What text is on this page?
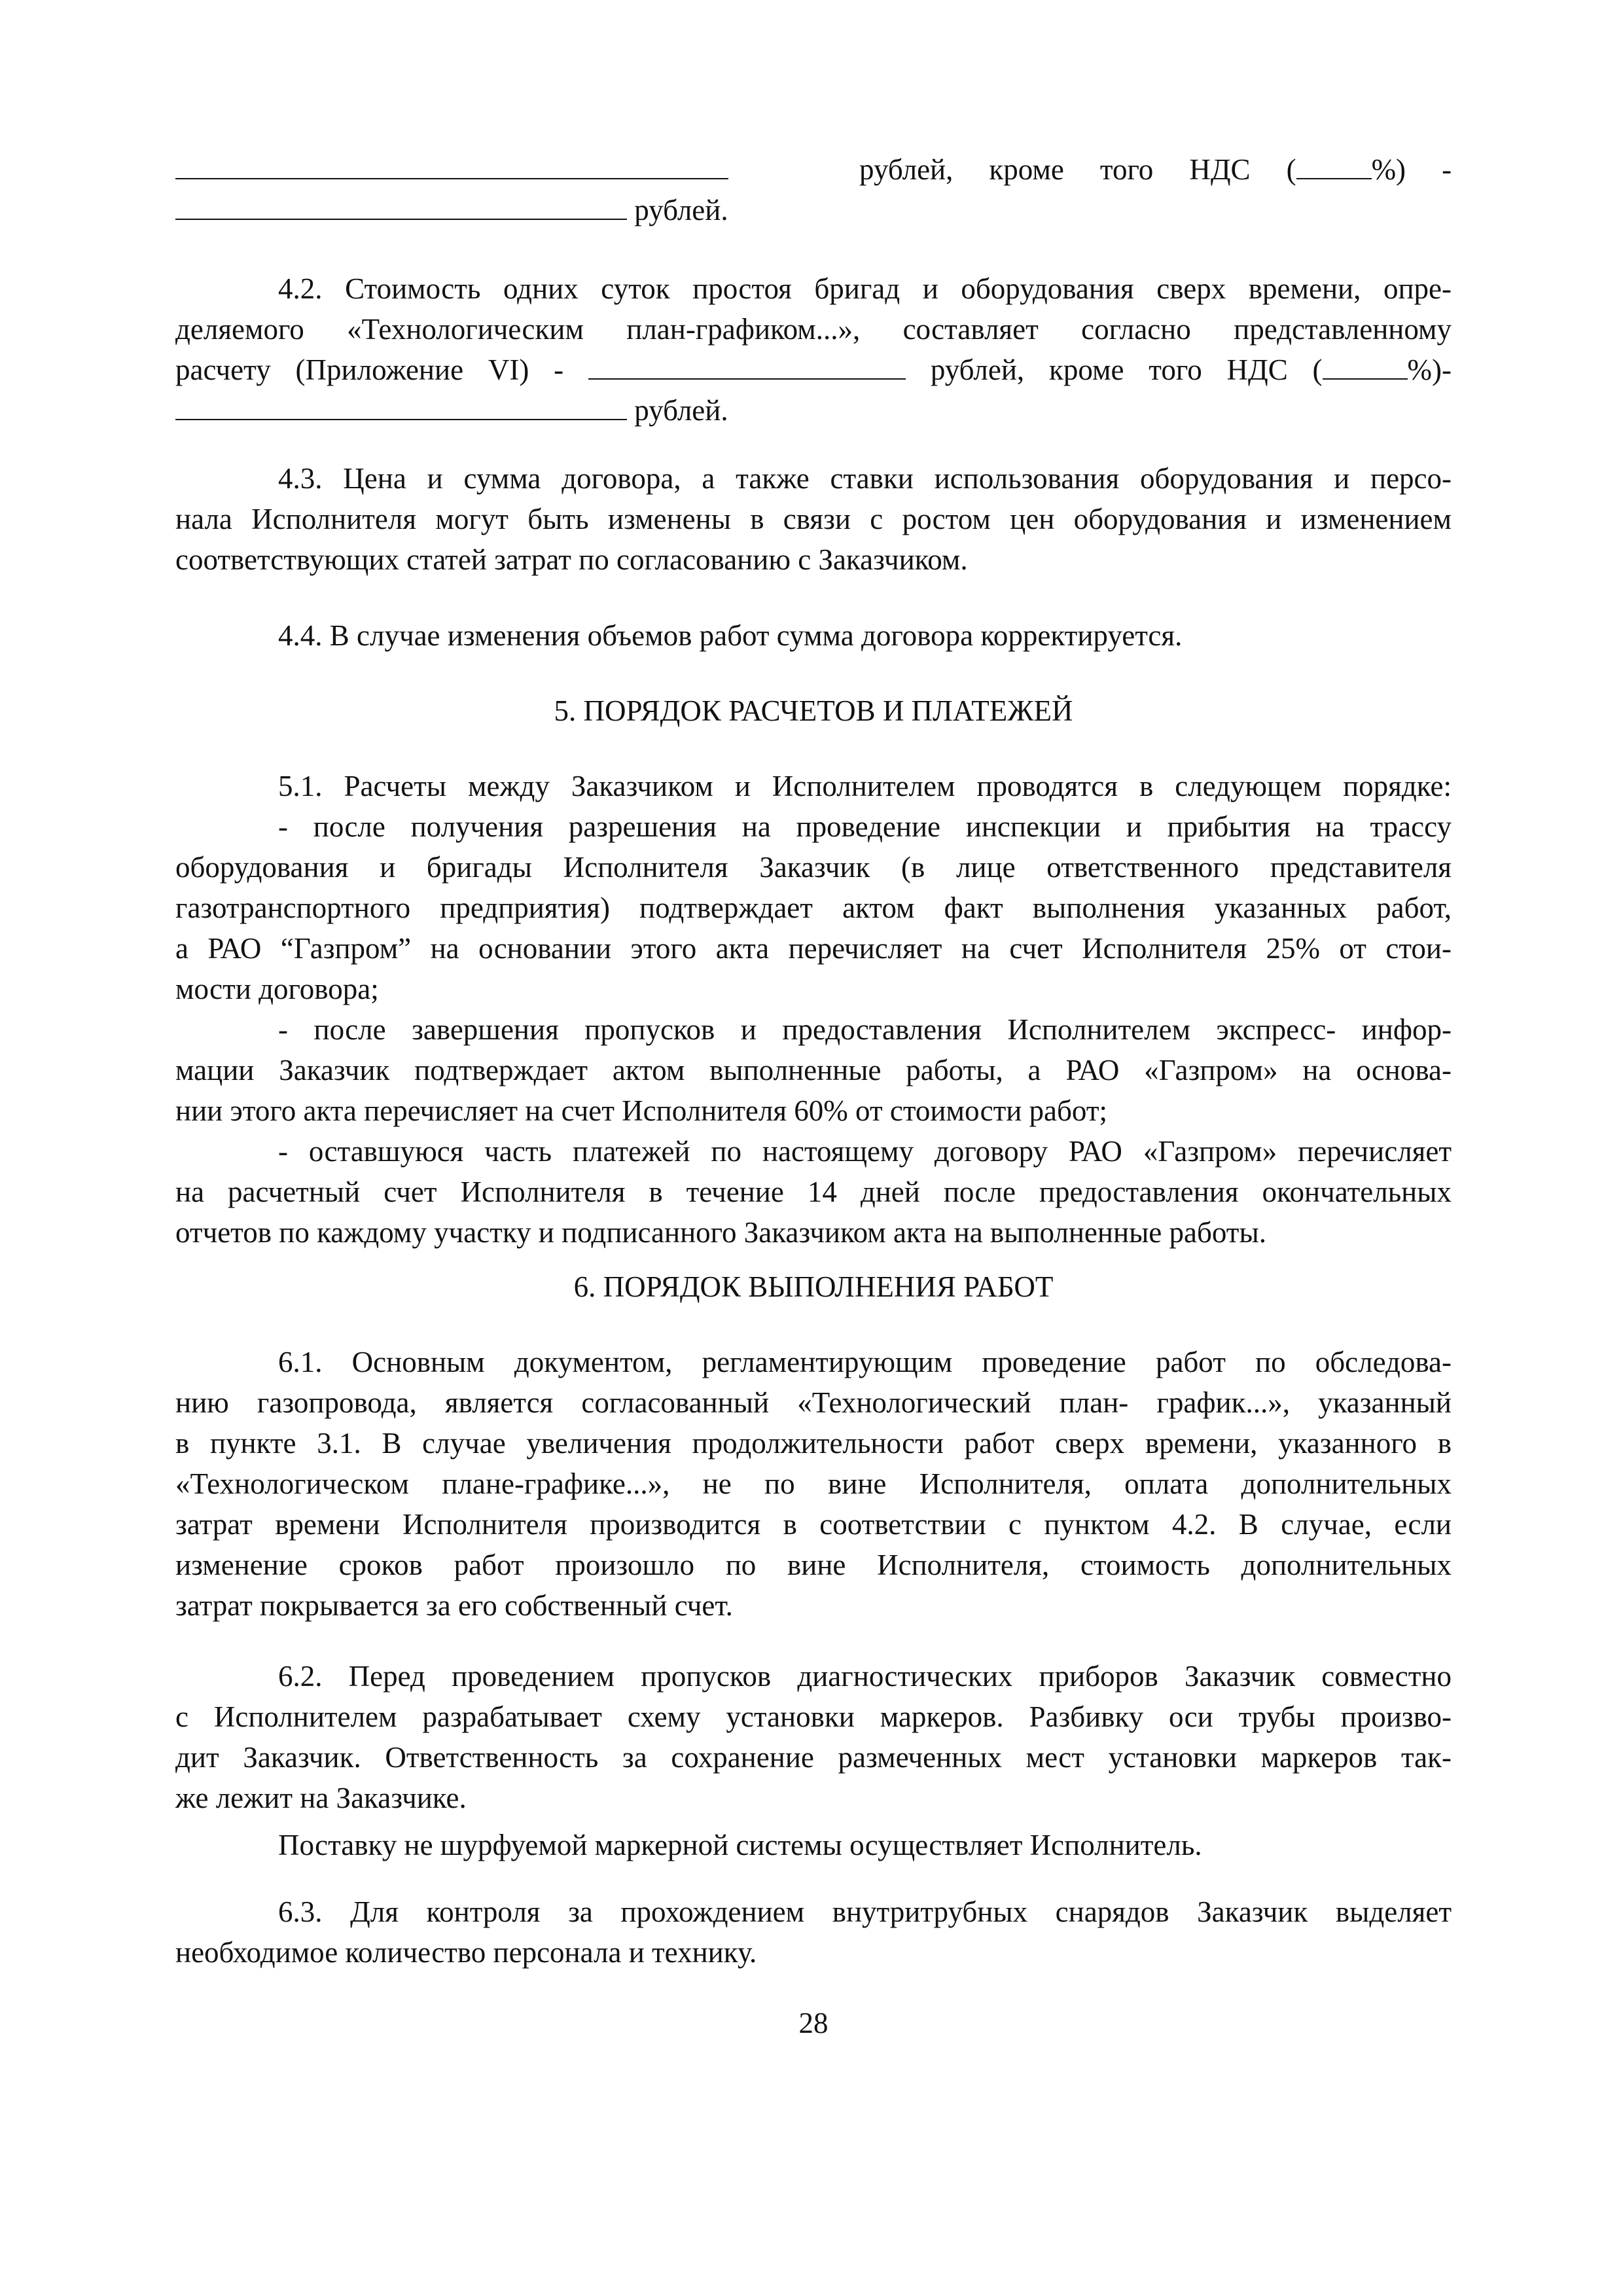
рублей, кроме того НДС (	%) -
рублей.
4.2. Стоимость одних суток простоя бригад и оборудования сверх времени, опре-
деляемого «Технологическим план-графиком...», составляет согласно представленному
расчету (Приложение VI) -	рублей, кроме того НДС (	%)-
рублей.
4.3. Цена и сумма договора, а также ставки использования оборудования и персо-
нала Исполнителя могут быть изменены в связи с ростом цен оборудования и изменением
соответствующих статей затрат по согласованию с Заказчиком.
4.4. В случае изменения объемов работ сумма договора корректируется.
5. ПОРЯДОК РАСЧЕТОВ И ПЛАТЕЖЕЙ
5.1. Расчеты между Заказчиком и Исполнителем проводятся в следующем порядке:
- после получения разрешения на проведение инспекции и прибытия на трассу
оборудования и бригады Исполнителя Заказчик (в лице ответственного представителя
газотранспортного предприятия) подтверждает актом факт выполнения указанных работ,
а РАО “Газпром” на основании этого акта перечисляет на счет Исполнителя 25% от стои-
мости договора;
- после завершения пропусков и предоставления Исполнителем экспресс- инфор-
мации Заказчик подтверждает актом выполненные работы, а РАО «Газпром» на основа-
нии этого акта перечисляет на счет Исполнителя 60% от стоимости работ;
- оставшуюся часть платежей по настоящему договору РАО «Газпром» перечисляет
на расчетный счет Исполнителя в течение 14 дней после предоставления окончательных
отчетов по каждому участку и подписанного Заказчиком акта на выполненные работы.
6. ПОРЯДОК ВЫПОЛНЕНИЯ РАБОТ
6.1. Основным документом, регламентирующим проведение работ по обследова-
нию газопровода, является согласованный «Технологический план- график...», указанный
в пункте 3.1. В случае увеличения продолжительности работ сверх времени, указанного в
«Технологическом плане-графике...», не по вине Исполнителя, оплата дополнительных
затрат времени Исполнителя производится в соответствии с пунктом 4.2. В случае, если
изменение сроков работ произошло по вине Исполнителя, стоимость дополнительных
затрат покрывается за его собственный счет.
6.2. Перед проведением пропусков диагностических приборов Заказчик совместно
с Исполнителем разрабатывает схему установки маркеров. Разбивку оси трубы произво-
дит Заказчик. Ответственность за сохранение размеченных мест установки маркеров так-
же лежит на Заказчике.
Поставку не шурфуемой маркерной системы осуществляет Исполнитель.
6.3. Для контроля за прохождением внутритрубных снарядов Заказчик выделяет
необходимое количество персонала и технику.
28
